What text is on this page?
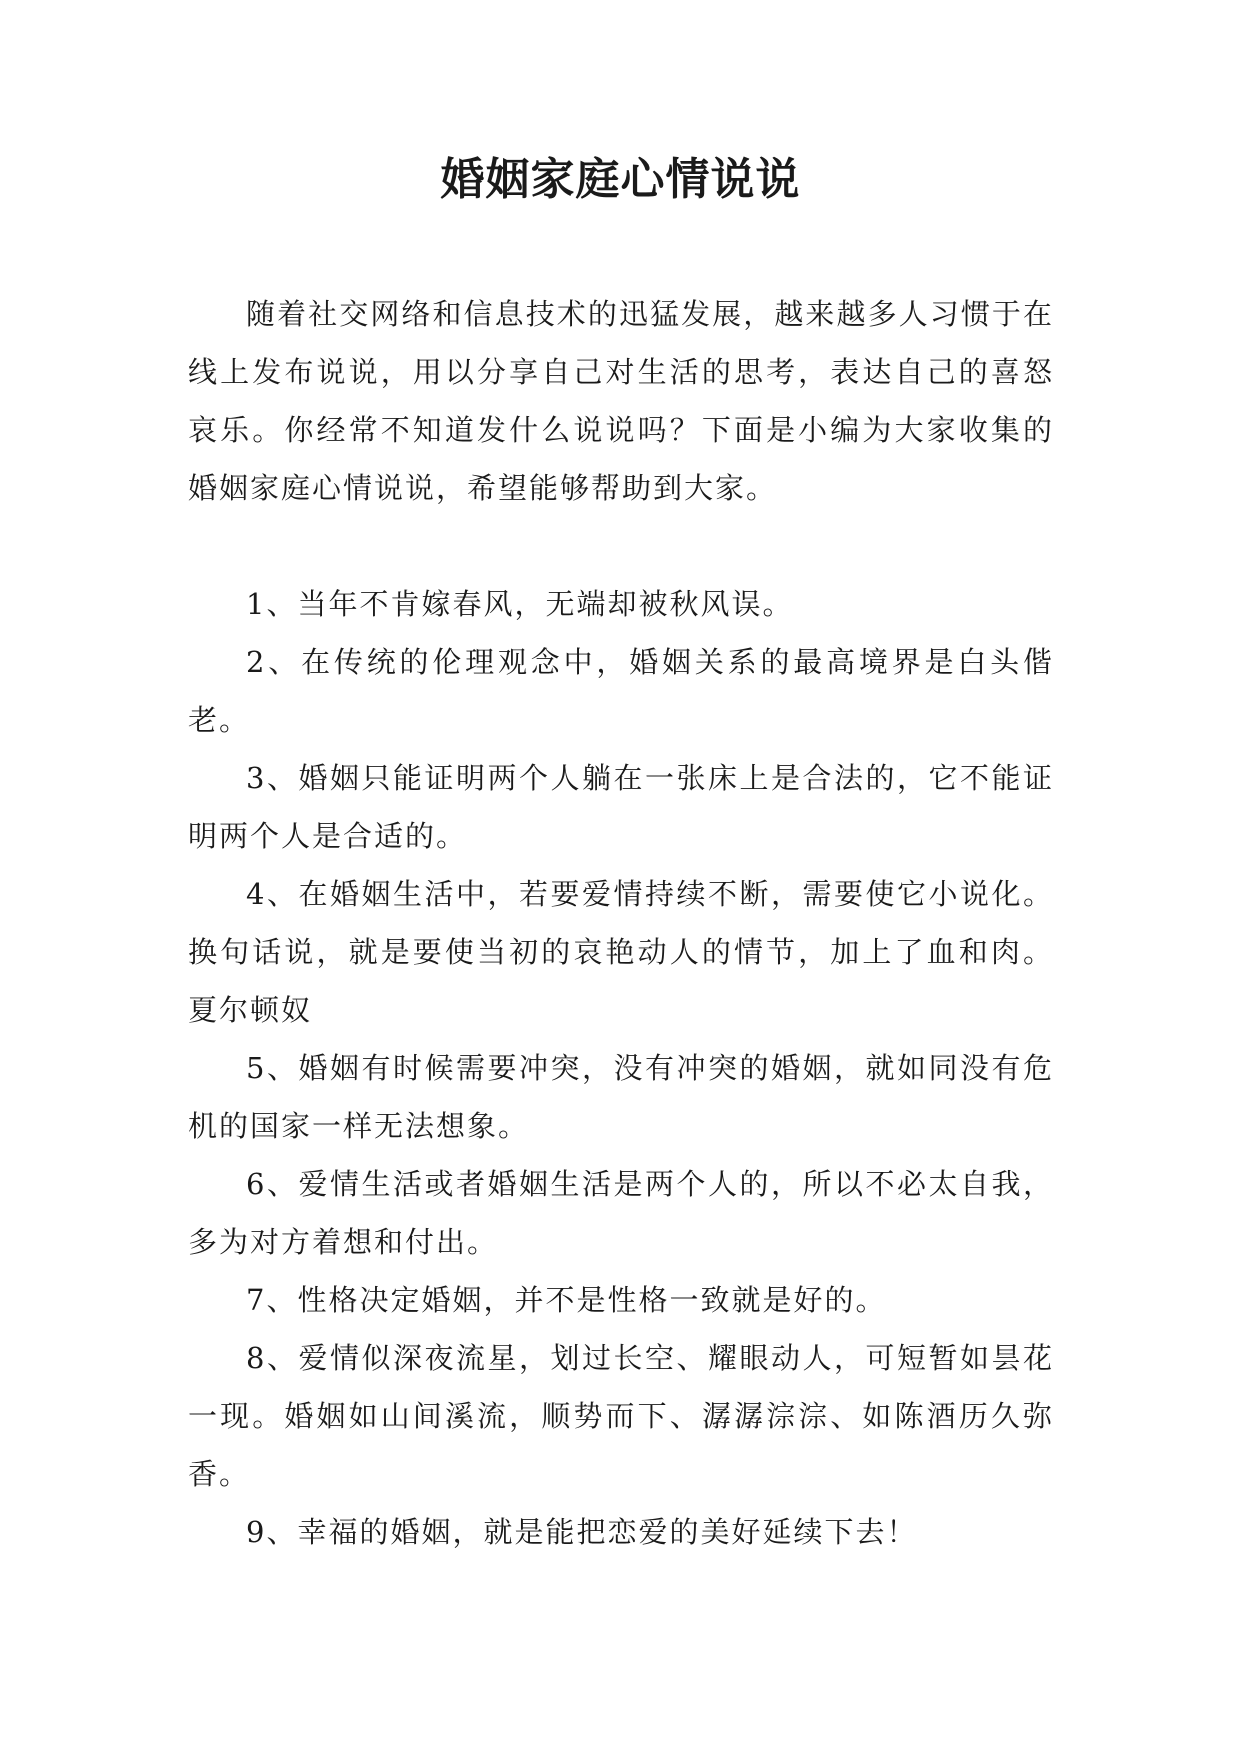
婚姻家庭心情说说

随着社交网络和信息技术的迅猛发展，越来越多人习惯于在线上发布说说，用以分享自己对生活的思考，表达自己的喜怒哀乐。你经常不知道发什么说说吗？下面是小编为大家收集的婚姻家庭心情说说，希望能够帮助到大家。

1、当年不肯嫁春风，无端却被秋风误。

2、在传统的伦理观念中，婚姻关系的最高境界是白头偕老。

3、婚姻只能证明两个人躺在一张床上是合法的，它不能证明两个人是合适的。

4、在婚姻生活中，若要爱情持续不断，需要使它小说化。换句话说，就是要使当初的哀艳动人的情节，加上了血和肉。夏尔顿奴

5、婚姻有时候需要冲突，没有冲突的婚姻，就如同没有危机的国家一样无法想象。

6、爱情生活或者婚姻生活是两个人的，所以不必太自我，多为对方着想和付出。

7、性格决定婚姻，并不是性格一致就是好的。

8、爱情似深夜流星，划过长空、耀眼动人，可短暂如昙花一现。婚姻如山间溪流，顺势而下、潺潺淙淙、如陈酒历久弥香。

9、幸福的婚姻，就是能把恋爱的美好延续下去！
